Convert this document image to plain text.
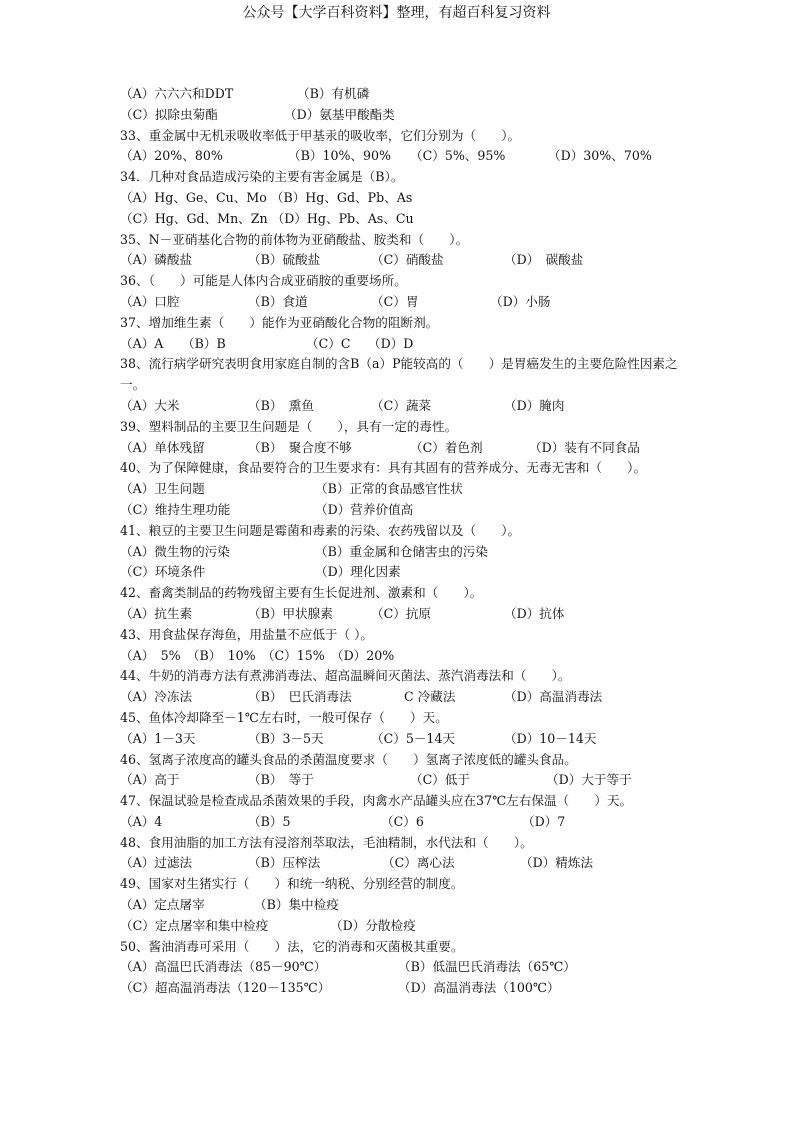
公众号【大学百科资料】整理，有超百科复习资料
（A）六六六和DDT	（B）有机磷
（C）拟除虫菊酯	（D）氨基甲酸酯类
33、重金属中无机汞吸收率低于甲基汞的吸收率，它们分别为（　　）。
（A）20%、80%	（B）10%、90% （C）5%、95%	（D）30%、70%
34．几种对食品造成污染的主要有害金属是（B）。
（A）Hg、Ge、Cu、Mo （B）Hg、Gd、Pb、As
（C）Hg、Gd、Mn、Zn （D）Hg、Pb、As、Cu
35、N－亚硝基化合物的前体物为亚硝酸盐、胺类和（　　）。
（A）磷酸盐	（B）硫酸盐	（C）硝酸盐	（D）　碳酸盐
36、（　　）可能是人体内合成亚硝胺的重要场所。
（A）口腔	（B）食道	（C）胃	（D）小肠
37、增加维生素（　　）能作为亚硝酸化合物的阻断剂。
（A）A （B）B	（C）C （D）D
38、流行病学研究表明食用家庭自制的含B（a）P能较高的（　　）是胃癌发生的主要危险性因素之一。
（A）大米	（B）　熏鱼	（C）蔬菜	（D）腌肉
39、塑料制品的主要卫生问题是（　　），具有一定的毒性。
（A）单体残留	（B）　聚合度不够	（C）着色剂	（D）装有不同食品
40、为了保障健康，食品要符合的卫生要求有：具有其固有的营养成分、无毒无害和（　　）。
（A）卫生问题	（B）正常的食品感官性状
（C）维持生理功能	（D）营养价值高
41、粮豆的主要卫生问题是霉菌和毒素的污染、农药残留以及（　　）。
（A）微生物的污染	（B）重金属和仓储害虫的污染
（C）环境条件	（D）理化因素
42、畜禽类制品的药物残留主要有生长促进剂、激素和（　　）。
（A）抗生素	（B）甲状腺素	（C）抗原	（D）抗体
43、用食盐保存海鱼，用盐量不应低于（ ）。
（A）　5%　（B）　10%　（C）15%　（D）20%
44、牛奶的消毒方法有煮沸消毒法、超高温瞬间灭菌法、蒸汽消毒法和（　　）。
（A）冷冻法	（B）　巴氏消毒法	C 冷藏法	（D）高温消毒法
45、鱼体冷却降至－1℃左右时，一般可保存（　　）天。
（A）1－3天	（B）3－5天	（C）5－14天	（D）10－14天
46、氢离子浓度高的罐头食品的杀菌温度要求（　　）氢离子浓度低的罐头食品。
（A）高于	（B）　等于	（C）低于	（D）大于等于
47、保温试验是检查成品杀菌效果的手段，肉禽水产品罐头应在37℃左右保温（　　）天。
（A）4	（B）5	（C）6	（D）7
48、食用油脂的加工方法有浸溶剂萃取法，毛油精制，水代法和（　　）。
（A）过滤法	（B）压榨法	（C）离心法	（D）精炼法
49、国家对生猪实行（　　）和统一纳税、分别经营的制度。
（A）定点屠宰	（B）集中检疫
（C）定点屠宰和集中检疫	（D）分散检疫
50、酱油消毒可采用（　　）法，它的消毒和灭菌极其重要。
（A）高温巴氏消毒法（85－90℃）	（B）低温巴氏消毒法（65℃）
（C）超高温消毒法（120－135℃）	（D）高温消毒法（100℃）
